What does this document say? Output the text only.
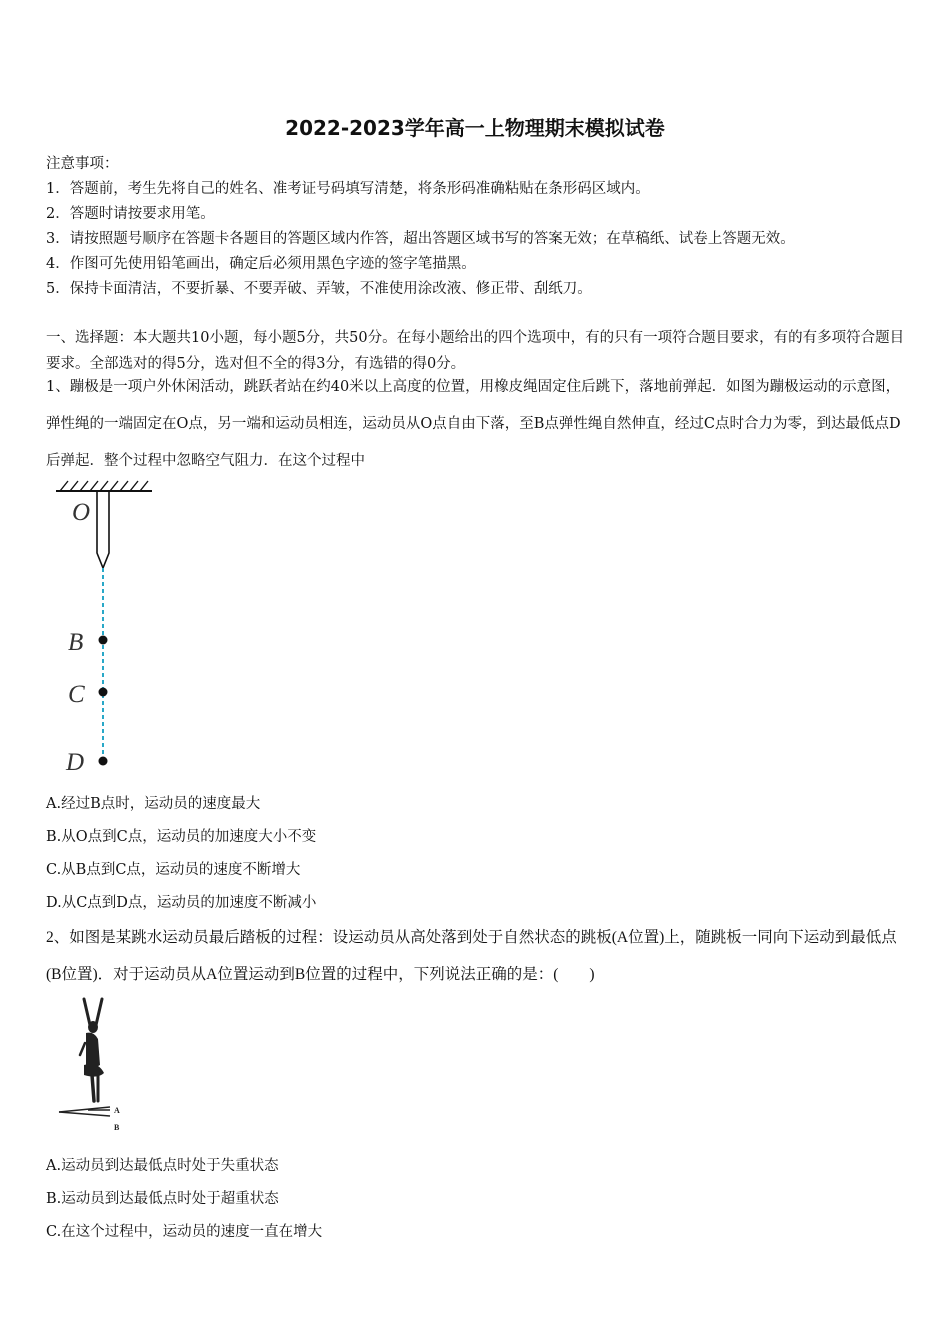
2022-2023学年高一上物理期末模拟试卷
注意事项：
1．答题前，考生先将自己的姓名、准考证号码填写清楚，将条形码准确粘贴在条形码区域内。
2．答题时请按要求用笔。
3．请按照题号顺序在答题卡各题目的答题区域内作答，超出答题区域书写的答案无效；在草稿纸、试卷上答题无效。
4．作图可先使用铅笔画出，确定后必须用黑色字迹的签字笔描黑。
5．保持卡面清洁，不要折暴、不要弄破、弄皱，不准使用涂改液、修正带、刮纸刀。
一、选择题：本大题共10小题，每小题5分，共50分。在每小题给出的四个选项中，有的只有一项符合题目要求，有的有多项符合题目要求。全部选对的得5分，选对但不全的得3分，有选错的得0分。
1、蹦极是一项户外休闲活动，跳跃者站在约40米以上高度的位置，用橡皮绳固定住后跳下，落地前弹起．如图为蹦极运动的示意图，弹性绳的一端固定在O点，另一端和运动员相连，运动员从O点自由下落，至B点弹性绳自然伸直，经过C点时合力为零，到达最低点D后弹起．整个过程中忽略空气阻力．在这个过程中
O
B
C
D
A.经过B点时，运动员的速度最大
B.从O点到C点，运动员的加速度大小不变
C.从B点到C点，运动员的速度不断增大
D.从C点到D点，运动员的加速度不断减小
2、如图是某跳水运动员最后踏板的过程：设运动员从高处落到处于自然状态的跳板(A位置)上，随跳板一同向下运动到最低点(B位置)．对于运动员从A位置运动到B位置的过程中，下列说法正确的是：(　　)
A
B
A.运动员到达最低点时处于失重状态
B.运动员到达最低点时处于超重状态
C.在这个过程中，运动员的速度一直在增大
